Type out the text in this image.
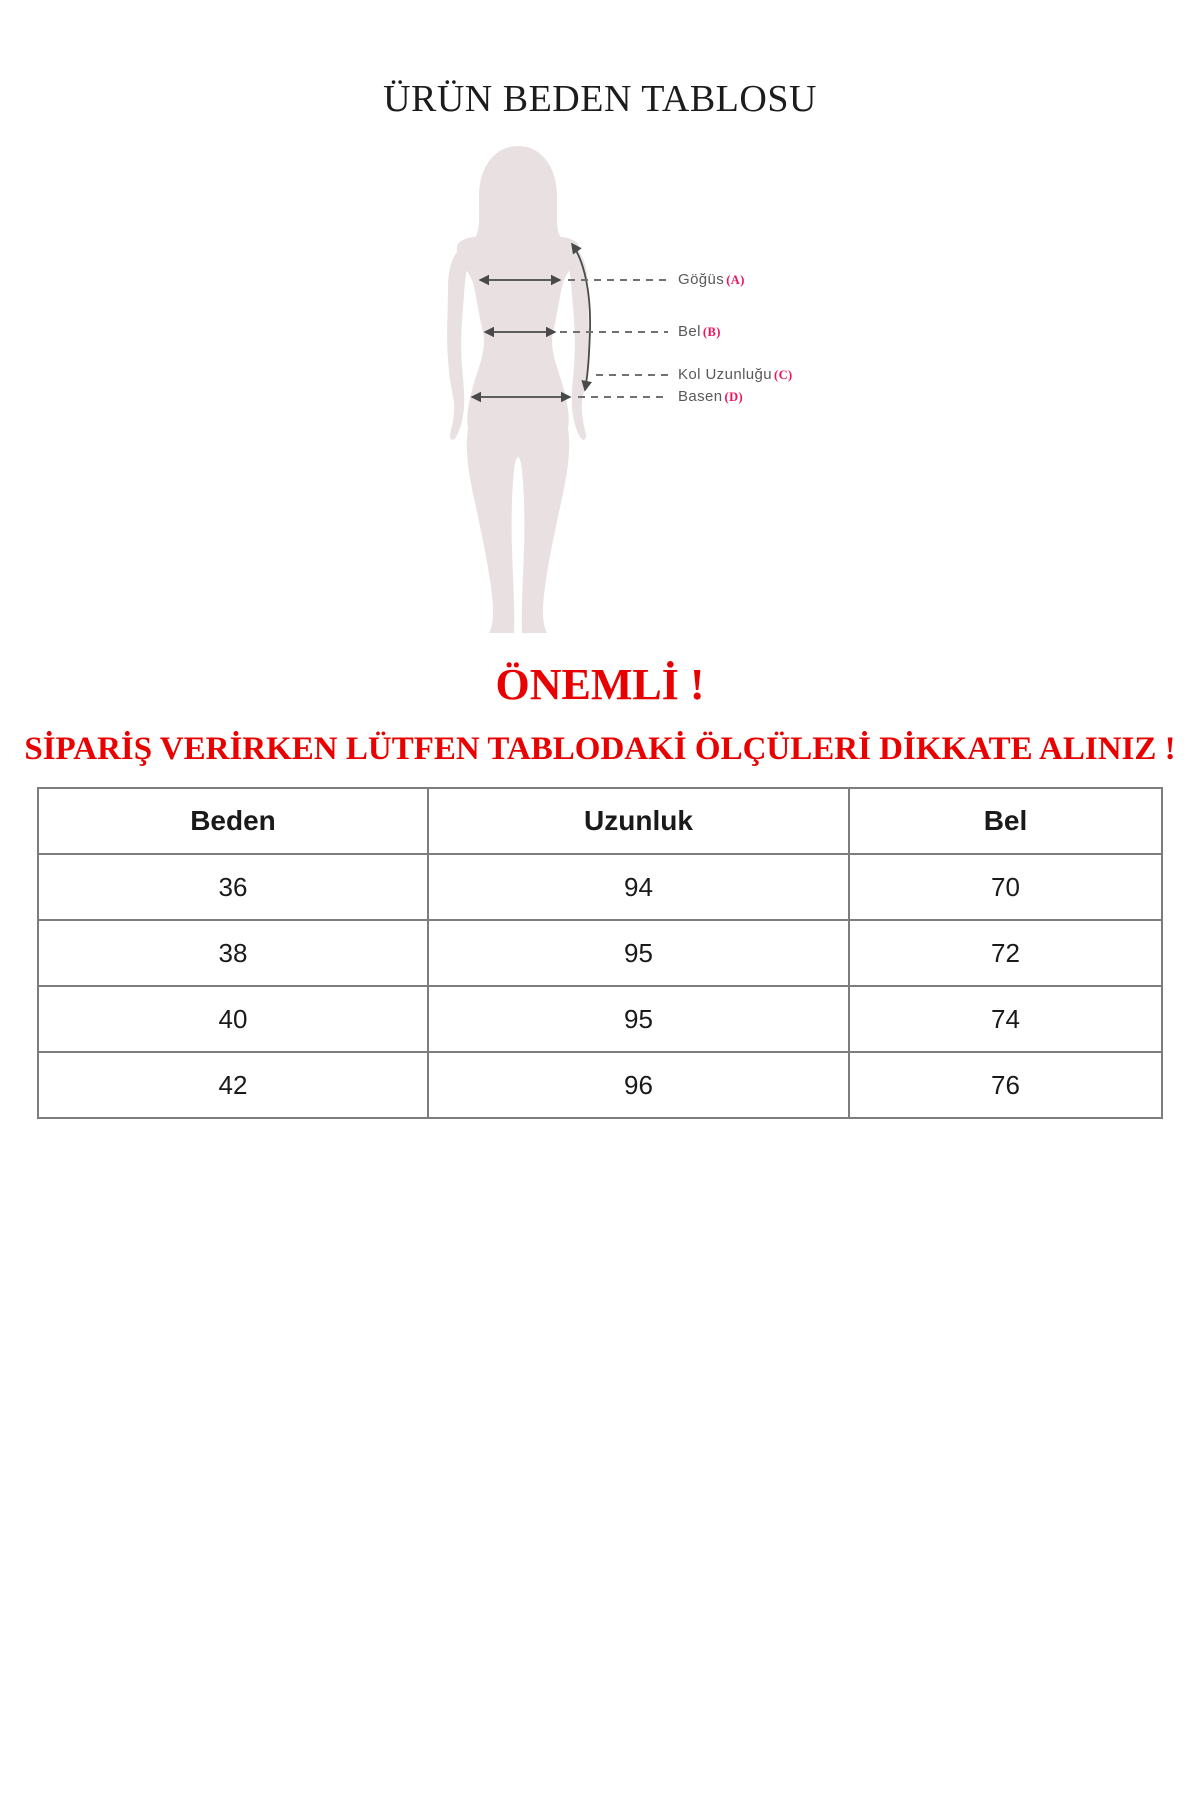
ÜRÜN BEDEN TABLOSU
Göğüs (A)
Bel (B)
Kol Uzunluğu (C)
Basen (D)
ÖNEMLİ !
SİPARİŞ VERİRKEN LÜTFEN TABLODAKİ ÖLÇÜLERİ DİKKATE ALINIZ !
Beden	Uzunluk	Bel
36	94	70
38	95	72
40	95	74
42	96	76
